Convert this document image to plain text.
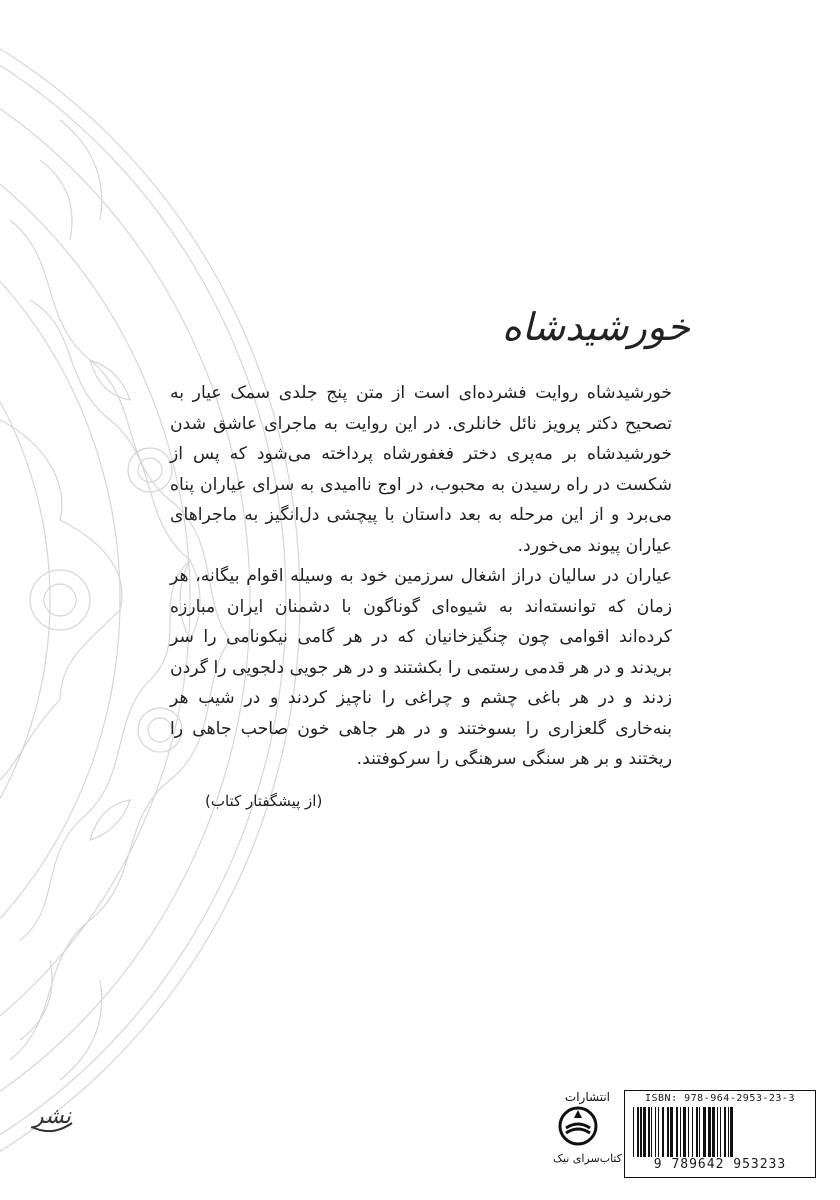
خورشیدشاه

خورشیدشاه روایت فشرده‌ای است از متن پنج جلدی سمک عیار به تصحیح دکتر پرویز نائل خانلری. در این روایت به ماجرای عاشق شدن خورشیدشاه بر مه‌پری دختر فغفورشاه پرداخته می‌شود که پس از شکست در راه رسیدن به محبوب، در اوج ناامیدی به سرای عیاران پناه می‌برد و از این مرحله به بعد داستان با پیچشی دل‌انگیز به ماجراهای عیاران پیوند می‌خورد.

عیاران در سالیان دراز اشغال سرزمین خود به وسیله اقوام بیگانه، هر زمان که توانسته‌اند به شیوه‌ای گوناگون با دشمنان ایران مبارزه کرده‌اند اقوامی چون چنگیزخانیان که در هر گامی نیکونامی را سر بریدند و در هر قدمی رستمی را بکشتند و در هر جویی دلجویی را گردن زدند و در هر باغی چشم و چراغی را ناچیز کردند و در شیب هر بنه‌خاری گلعزاری را بسوختند و در هر جاهی خون صاحب جاهی را ریختند و بر هر سنگی سرهنگی را سرکوفتند.

(از پیشگفتار کتاب)
نشر
انتشارات
کتاب‌سرای نیک
ISBN: 978-964-2953-23-3
9 789642 953233
